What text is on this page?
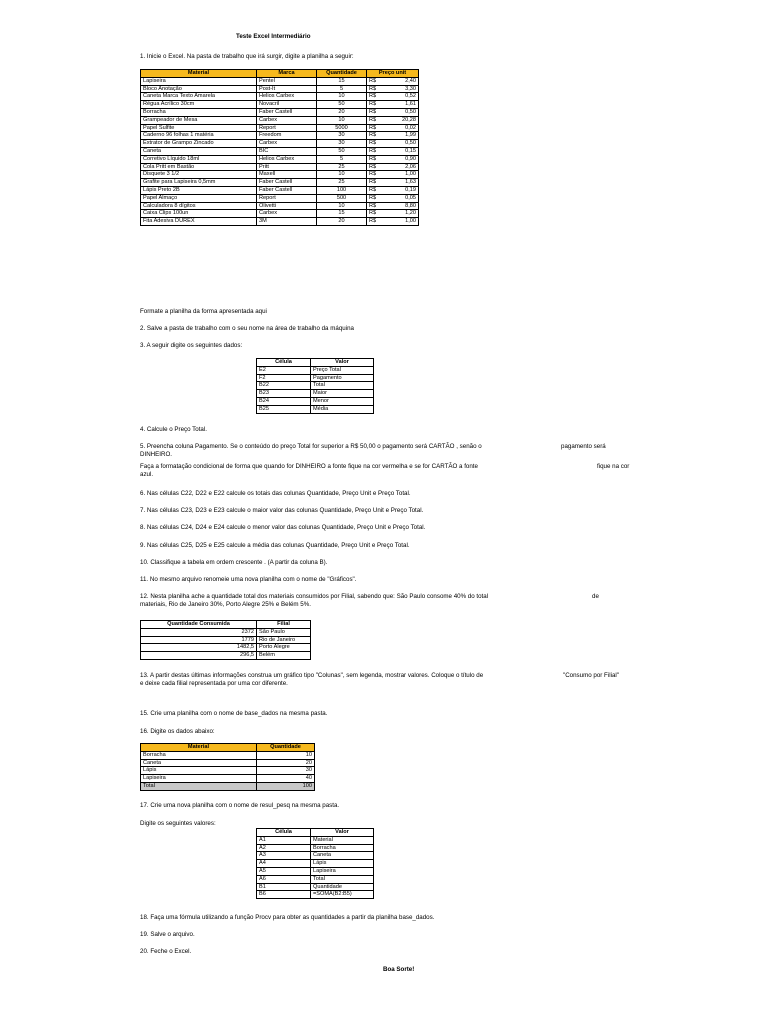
Teste Excel Intermediário
1. Inicie o Excel. Na pasta de trabalho que irá surgir, digite a planilha a seguir:
Material	Marca	Quantidade	Preço unit
Lapiseira	Pentel	15	R$ 2,40

Bloco Anotação	Post-It	5	R$ 3,30

Caneta Marca Texto Amarela	Helios Carbex	10	R$ 0,52

Régua Acrílico 30cm	Novacril	50	R$ 1,61

Borracha	Faber Castell	20	R$ 0,50

Grampeador de Mesa	Carbex	10	R$ 20,28

Papel Sulfite	Report	5000	R$ 0,02

Caderno 96 folhas 1 matéria	Freedom	30	R$ 1,99

Extrator de Grampo Zincado	Carbex	30	R$ 0,50

Caneta	BIC	50	R$ 0,15

Corretivo Líquido 18ml	Helios Carbex	5	R$ 0,90

Cola Pritt em Bastão	Pritt	25	R$ 2,06

Disquete 3 1/2	Maxell	10	R$ 1,00

Grafite para Lapiseira 0,5mm	Faber Castell	25	R$ 1,63

Lápis Preto 2B	Faber Castell	100	R$ 0,19

Papel Almaço	Report	500	R$ 0,05

Calculadora 8 dígitos	Olivetti	10	R$ 8,80

Caixa Clips 100un	Carbex	15	R$ 1,20

Fita Adesiva DUREX	3M	20	R$ 1,00
Formate a planilha da forma apresentada aqui
2. Salve a pasta de trabalho com o seu nome na área de trabalho da máquina
3. A seguir digite os seguintes dados:
Célula	Valor
E2	Preço Total
F2	Pagamento
B22	Total
B23	Maior
B24	Menor
B25	Média
4. Calcule o Preço Total.
5. Preencha coluna Pagamento. Se o conteúdo do preço Total for superior a R$ 50,00 o pagamento será CARTÃO , senão o	pagamento será
DINHEIRO.
Faça a formatação condicional de forma que quando for DINHEIRO a fonte fique na cor vermelha e se for CARTÃO a fonte	fique na cor
azul.
6. Nas células C22, D22 e E22 calcule os totais das colunas Quantidade, Preço Unit e Preço Total.
7. Nas células C23, D23 e E23 calcule o maior valor das colunas Quantidade, Preço Unit e Preço Total.
8. Nas células C24, D24 e E24 calcule o menor valor das colunas Quantidade, Preço Unit e Preço Total.
9. Nas células C25, D25 e E25 calcule a média das colunas Quantidade, Preço Unit e Preço Total.
10. Classifique a tabela em ordem crescente . (A partir da coluna B).
11. No mesmo arquivo renomeie uma nova planilha com o nome de "Gráficos".
12. Nesta planilha ache a quantidade total dos materiais consumidos por Filial, sabendo que: São Paulo consome 40% do total	de
materiais, Rio de Janeiro 30%, Porto Alegre 25% e Belém 5%.
Quantidade Consumida	Filial
2372	São Paulo
1779	Rio de Janeiro
1482,5	Porto Alegre
296,5	Belém
13. A partir destas últimas informações construa um gráfico tipo "Colunas", sem legenda, mostrar valores. Coloque o título de	"Consumo por Filial"
e deixe cada filial representada por uma cor diferente.
15. Crie uma planilha com o nome de base_dados na mesma pasta.
16. Digite os dados abaixo:
Material	Quantidade
Borracha	10
Caneta	20
Lápis	30
Lapiseira	40
Total	100
17. Crie uma nova planilha com o nome de resul_pesq na mesma pasta.
Digite os seguintes valores:
Célula	Valor
A1	Material
A2	Borracha
A3	Caneta
A4	Lápis
A5	Lapiseira
A6	Total
B1	Quantidade
B6	=SOMA(B2:B5)
18. Faça uma fórmula utilizando a função Procv para obter as quantidades a partir da planilha base_dados.
19. Salve o arquivo.
20. Feche o Excel.
Boa Sorte!
